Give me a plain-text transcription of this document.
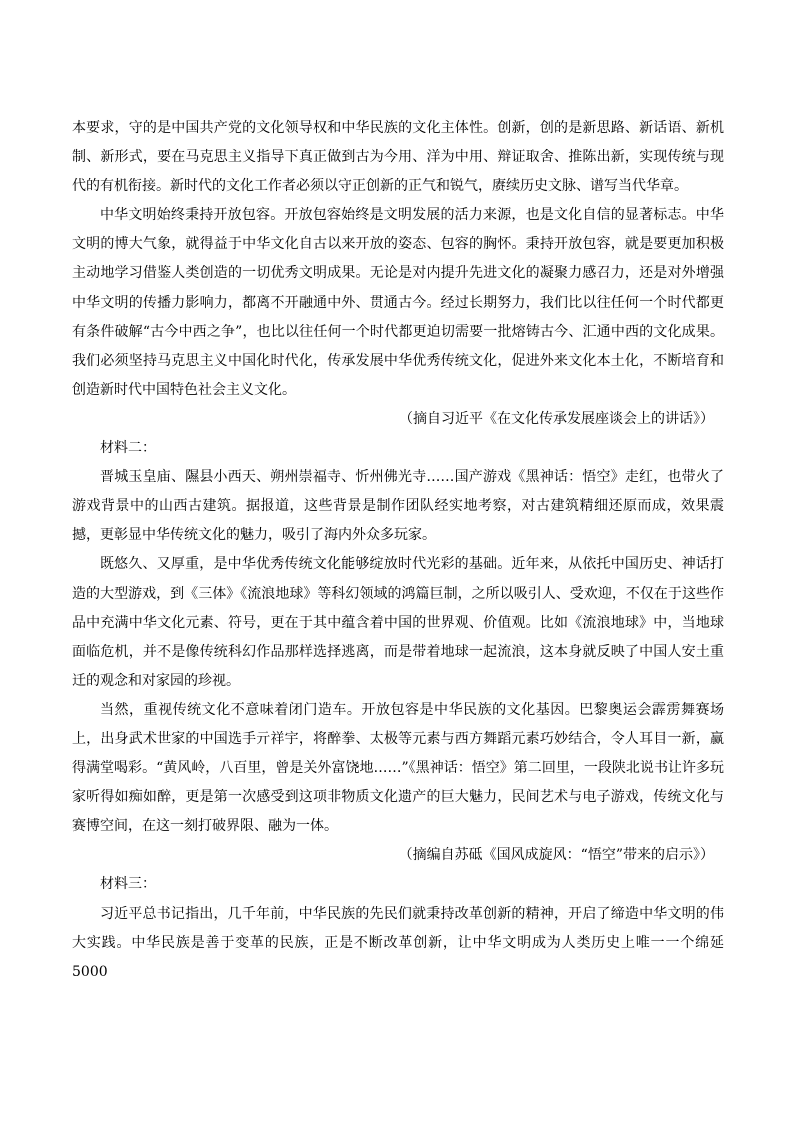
本要求，守的是中国共产党的文化领导权和中华民族的文化主体性。创新，创的是新思路、新话语、新机制、新形式，要在马克思主义指导下真正做到古为今用、洋为中用、辩证取舍、推陈出新，实现传统与现代的有机衔接。新时代的文化工作者必须以守正创新的正气和锐气，赓续历史文脉、谱写当代华章。

中华文明始终秉持开放包容。开放包容始终是文明发展的活力来源，也是文化自信的显著标志。中华文明的博大气象，就得益于中华文化自古以来开放的姿态、包容的胸怀。秉持开放包容，就是要更加积极主动地学习借鉴人类创造的一切优秀文明成果。无论是对内提升先进文化的凝聚力感召力，还是对外增强中华文明的传播力影响力，都离不开融通中外、贯通古今。经过长期努力，我们比以往任何一个时代都更有条件破解“古今中西之争”，也比以往任何一个时代都更迫切需要一批熔铸古今、汇通中西的文化成果。我们必须坚持马克思主义中国化时代化，传承发展中华优秀传统文化，促进外来文化本土化，不断培育和创造新时代中国特色社会主义文化。

（摘自习近平《在文化传承发展座谈会上的讲话》）

材料二：

晋城玉皇庙、隰县小西天、朔州崇福寺、忻州佛光寺……国产游戏《黑神话：悟空》走红，也带火了游戏背景中的山西古建筑。据报道，这些背景是制作团队经实地考察，对古建筑精细还原而成，效果震撼，更彰显中华传统文化的魅力，吸引了海内外众多玩家。

既悠久、又厚重，是中华优秀传统文化能够绽放时代光彩的基础。近年来，从依托中国历史、神话打造的大型游戏，到《三体》《流浪地球》等科幻领域的鸿篇巨制，之所以吸引人、受欢迎，不仅在于这些作品中充满中华文化元素、符号，更在于其中蕴含着中国的世界观、价值观。比如《流浪地球》中，当地球面临危机，并不是像传统科幻作品那样选择逃离，而是带着地球一起流浪，这本身就反映了中国人安土重迁的观念和对家园的珍视。

当然，重视传统文化不意味着闭门造车。开放包容是中华民族的文化基因。巴黎奥运会霹雳舞赛场上，出身武术世家的中国选手亓祥宇，将醉拳、太极等元素与西方舞蹈元素巧妙结合，令人耳目一新，赢得满堂喝彩。“黄风岭，八百里，曾是关外富饶地……”《黑神话：悟空》第二回里，一段陕北说书让许多玩家听得如痴如醉，更是第一次感受到这项非物质文化遗产的巨大魅力，民间艺术与电子游戏，传统文化与赛博空间，在这一刻打破界限、融为一体。

（摘编自苏砥《国风成旋风：“悟空”带来的启示》）

材料三：

习近平总书记指出，几千年前，中华民族的先民们就秉持改革创新的精神，开启了缔造中华文明的伟大实践。中华民族是善于变革的民族，正是不断改革创新，让中华文明成为人类历史上唯一一个绵延 5000
